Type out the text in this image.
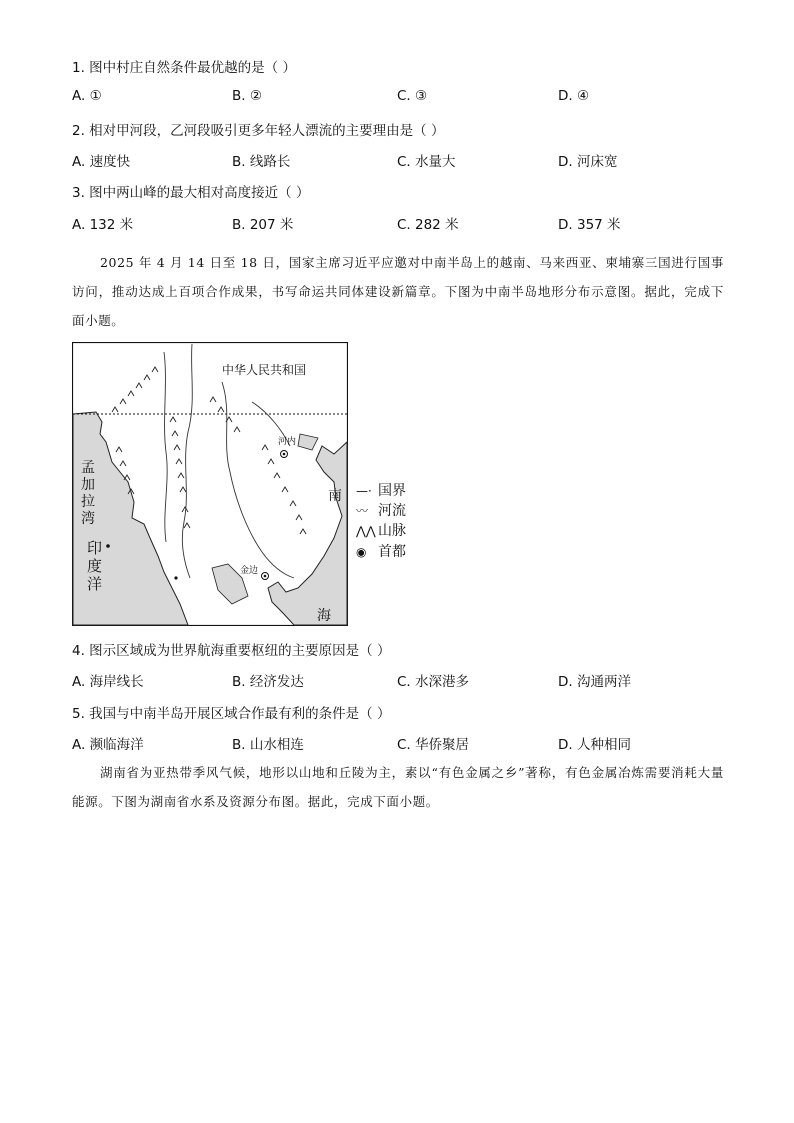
1. 图中村庄自然条件最优越的是（ ）
A. ①	B. ②	C. ③	D. ④
2. 相对甲河段，乙河段吸引更多年轻人漂流的主要理由是（ ）
A. 速度快	B. 线路长	C. 水量大	D. 河床宽
3. 图中两山峰的最大相对高度接近（ ）
A. 132 米	B. 207 米	C. 282 米	D. 357 米
2025 年 4 月 14 日至 18 日，国家主席习近平应邀对中南半岛上的越南、马来西亚、柬埔寨三国进行国事访问，推动达成上百项合作成果，书写命运共同体建设新篇章。下图为中南半岛地形分布示意图。据此，完成下面小题。
中华人民共和国
孟
加
拉
湾
印
度
洋
南
海
河内
金边
—· 国界
〰 河流
⋀⋀ 山脉
◉ 首都
4. 图示区域成为世界航海重要枢纽的主要原因是（ ）
A. 海岸线长	B. 经济发达	C. 水深港多	D. 沟通两洋
5. 我国与中南半岛开展区域合作最有利的条件是（ ）
A. 濒临海洋	B. 山水相连	C. 华侨聚居	D. 人种相同
湖南省为亚热带季风气候，地形以山地和丘陵为主，素以“有色金属之乡”著称，有色金属冶炼需要消耗大量能源。下图为湖南省水系及资源分布图。据此，完成下面小题。
